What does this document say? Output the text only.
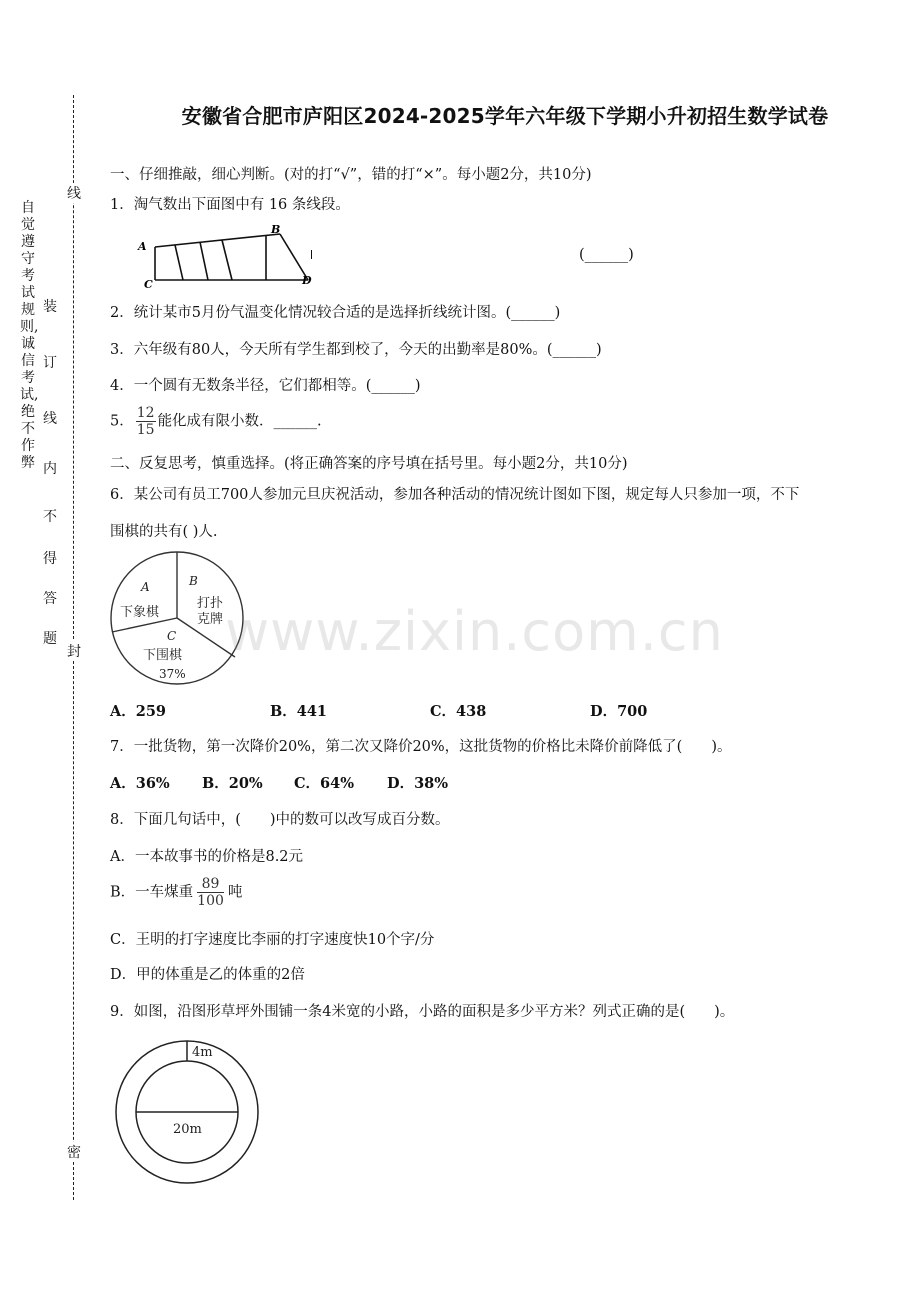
线
封
密
自觉遵守考试规则,诚信考试,绝不作弊
装
订
线
内
不
得
答
题
安徽省合肥市庐阳区2024-2025学年六年级下学期小升初招生数学试卷
一、仔细推敲，细心判断。(对的打“√”，错的打“×”。每小题2分，共10分)
1．淘气数出下面图中有 16 条线段。
A
B
C	D
(______)
2．统计某市5月份气温变化情况较合适的是选择折线统计图。(______)
3．六年级有80人，今天所有学生都到校了，今天的出勤率是80%。(______)
4．一个圆有无数条半径，它们都相等。(______)
5． $\frac{12}{15}$ 能化成有限小数．______.
二、反复思考，慎重选择。(将正确答案的序号填在括号里。每小题2分，共10分)
6．某公司有员工700人参加元旦庆祝活动，参加各种活动的情况统计图如下图，规定每人只参加一项，不下
围棋的共有( )人.
A
下象棋
B
打扑
克牌
C
下围棋
37%
A．259	B．441	C．438	D．700
7．一批货物，第一次降价20%，第二次又降价20%，这批货物的价格比未降价前降低了(　　)。
A．36% B．20% C．64% D．38%
8．下面几句话中，(　　)中的数可以改写成百分数。
A．一本故事书的价格是8.2元
B．一车煤重 $\frac{89}{100}$ 吨
C．王明的打字速度比李丽的打字速度快10个字/分
D．甲的体重是乙的体重的2倍
9．如图，沿图形草坪外围铺一条4米宽的小路，小路的面积是多少平方米？列式正确的是(　　)。
4m
20m
www.zixin.com.cn
